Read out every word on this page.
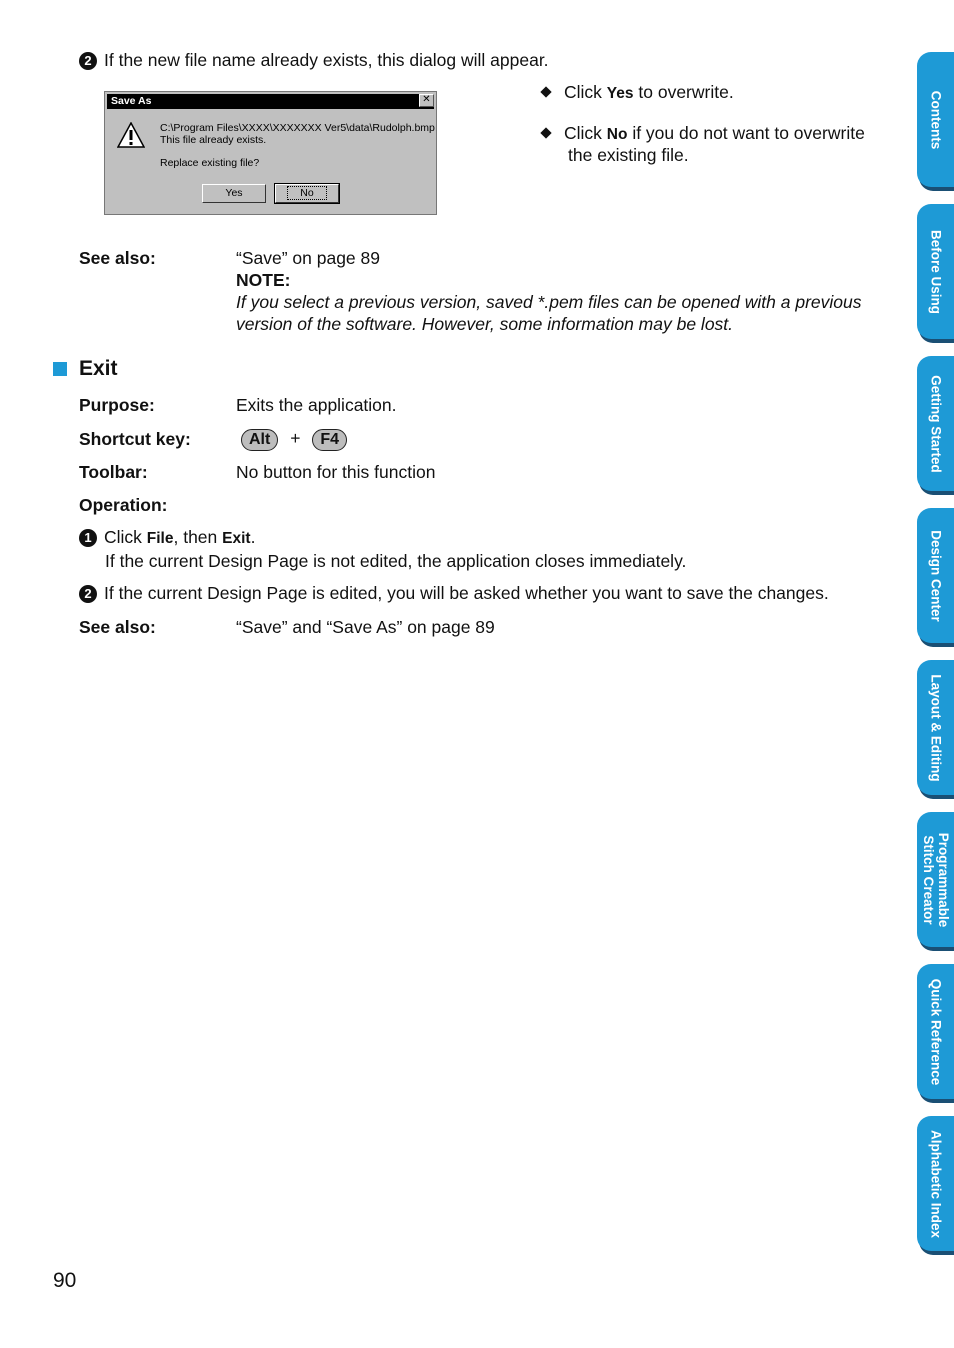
2 If the new file name already exists, this dialog will appear.
Save As	✕
C:\Program Files\XXXX\XXXXXXX Ver5\data\Rudolph.bmp
This file already exists.
Replace existing file?
Yes	No
Click Yes to overwrite.
Click No if you do not want to overwrite
the existing file.
See also:	“Save” on page 89
NOTE:
If you select a previous version, saved *.pem files can be opened with a previous
version of the software. However, some information may be lost.
Exit
Purpose:	Exits the application.
Shortcut key:	Alt + F4
Toolbar:	No button for this function
Operation:
1 Click File, then Exit.
If the current Design Page is not edited, the application closes immediately.
2 If the current Design Page is edited, you will be asked whether you want to save the changes.
See also:	“Save” and “Save As” on page 89
Contents
Before Using
Getting Started
Design Center
Layout & Editing
Programmable
Stitch Creator
Quick Reference
Alphabetic Index
90
